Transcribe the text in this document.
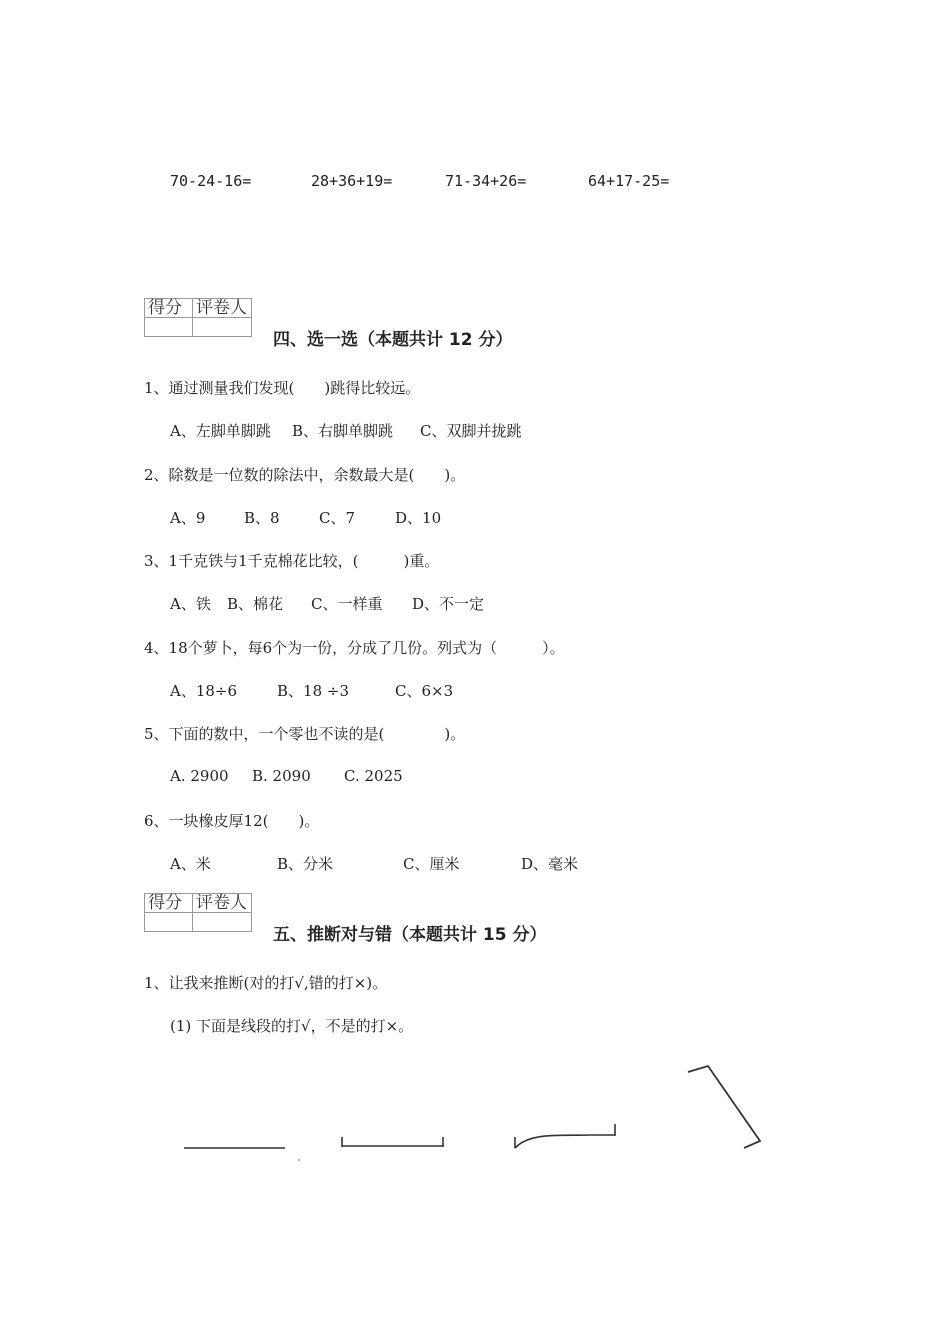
70-24-16=	28+36+19=	71-34+26=	64+17-25=
得分	评卷人

四、选一选（本题共计 12 分）
1、通过测量我们发现(　　)跳得比较远。
A、左脚单脚跳 B、右脚单脚跳 C、双脚并拢跳
2、除数是一位数的除法中，余数最大是(　　)。
A、9	B、8	C、7	D、10
3、1千克铁与1千克棉花比较，(　　　)重。
A、铁 B、棉花 C、一样重 D、不一定
4、18个萝卜，每6个为一份，分成了几份。列式为（　　　）。
A、18÷6	B、18 ÷3	C、6×3
5、下面的数中，一个零也不读的是(　　　　)。
A. 2900 B. 2090 C. 2025
6、一块橡皮厚12(　　)。
A、米	B、分米	C、厘米	D、毫米
得分	评卷人

五、推断对与错（本题共计 15 分）
1、让我来推断(对的打√,错的打×)。
(1) 下面是线段的打√，不是的打×。
